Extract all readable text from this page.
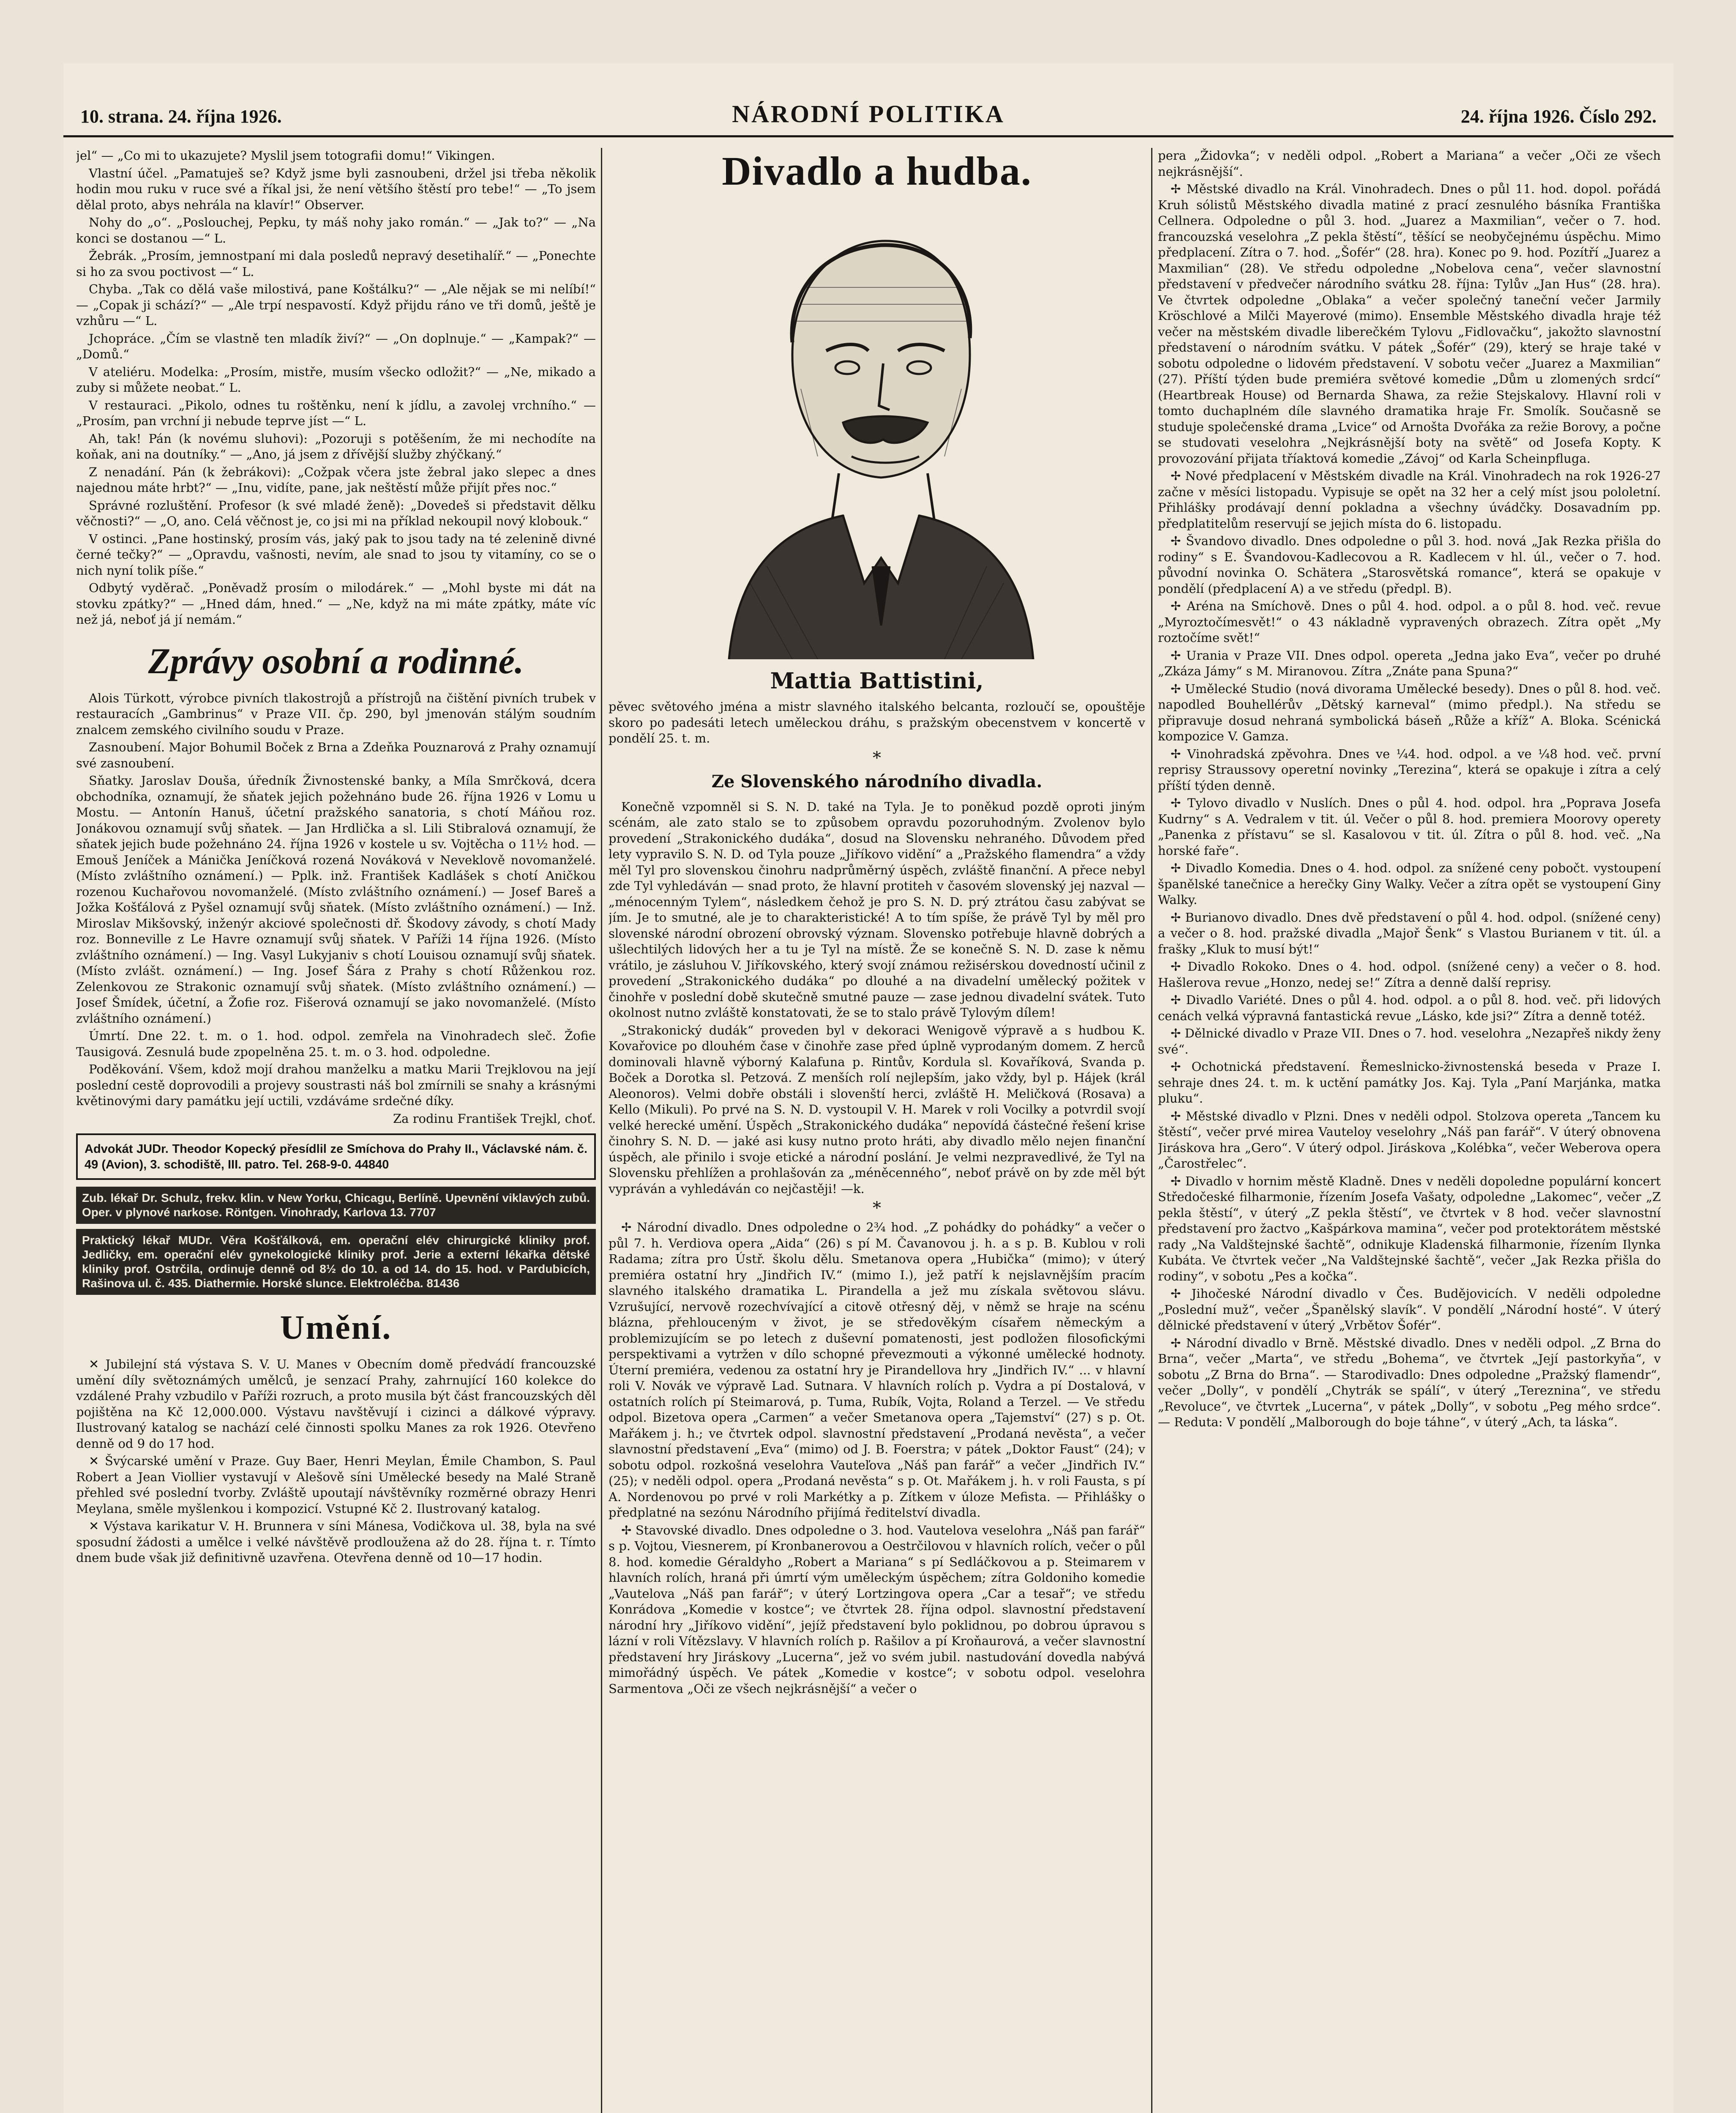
10. strana. 24. října 1926.	NÁRODNÍ POLITIKA	24. října 1926. Číslo 292.

jel“ — „Co mi to ukazujete? Myslil jsem totografii domu!“ Vikingen.

Vlastní účel. „Pamatuješ se? Když jsme byli zasnoubeni, držel jsi třeba několik hodin mou ruku v ruce své a říkal jsi, že není většího štěstí pro tebe!“ — „To jsem dělal proto, abys nehrála na klavír!“ Observer.

Nohy do „o“. „Poslouchej, Pepku, ty máš nohy jako román.“ — „Jak to?“ — „Na konci se dostanou —“ L.

Žebrák. „Prosím, jemnostpaní mi dala posledů nepravý desetihalíř.“ — „Ponechte si ho za svou poctivost —“ L.

Chyba. „Tak co dělá vaše milostivá, pane Koštálku?“ — „Ale nějak se mi nelíbí!“ — „Copak ji schází?“ — „Ale trpí nespavostí. Když přijdu ráno ve tři domů, ještě je vzhůru —“ L.

Jchopráce. „Čím se vlastně ten mladík živí?“ — „On doplnuje.“ — „Kampak?“ — „Domů.“

V ateliéru. Modelka: „Prosím, mistře, musím všecko odložit?“ — „Ne, mikado a zuby si můžete neobat.“ L.

V restauraci. „Pikolo, odnes tu roštěnku, není k jídlu, a zavolej vrchního.“ — „Prosím, pan vrchní ji nebude teprve jíst —“ L.

Ah, tak! Pán (k novému sluhovi): „Pozoruji s potěšením, že mi nechodíte na koňak, ani na doutníky.“ — „Ano, já jsem z dřívější služby zhýčkaný.“

Z nenadání. Pán (k žebrákovi): „Cožpak včera jste žebral jako slepec a dnes najednou máte hrbt?“ — „Inu, vidíte, pane, jak neštěstí může přijít přes noc.“

Správné rozluštění. Profesor (k své mladé ženě): „Dovedeš si představit dělku věčnosti?“ — „O, ano. Celá věčnost je, co jsi mi na příklad nekoupil nový klobouk.“

V ostinci. „Pane hostinský, prosím vás, jaký pak to jsou tady na té zelenině divné černé tečky?“ — „Opravdu, vašnosti, nevím, ale snad to jsou ty vitamíny, co se o nich nyní tolik píše.“

Odbytý vyděrač. „Poněvadž prosím o milodárek.“ — „Mohl byste mi dát na stovku zpátky?“ — „Hned dám, hned.“ — „Ne, když na mi máte zpátky, máte víc než já, neboť já jí nemám.“

Zprávy osobní a rodinné.

Alois Türkott, výrobce pivních tlakostrojů a přístrojů na čištění pivních trubek v restauracích „Gambrinus“ v Praze VII. čp. 290, byl jmenován stálým soudním znalcem zemského civilního soudu v Praze.

Zasnoubení. Major Bohumil Boček z Brna a Zdeňka Pouznarová z Prahy oznamují své zasnoubení.

Sňatky. Jaroslav Douša, úředník Živnostenské banky, a Míla Smrčková, dcera obchodníka, oznamují, že sňatek jejich požehnáno bude 26. října 1926 v Lomu u Mostu. — Antonín Hanuš, účetní pražského sanatoria, s chotí Máňou roz. Jonákovou oznamují svůj sňatek. — Jan Hrdlička a sl. Lili Stibralová oznamují, že sňatek jejich bude požehnáno 24. října 1926 v kostele u sv. Vojtěcha o 11½ hod. — Emouš Jeníček a Mánička Jeníčková rozená Nováková v Neveklově novomanželé. (Místo zvláštního oznámení.) — Pplk. inž. František Kadlášek s chotí Aničkou rozenou Kuchařovou novomanželé. (Místo zvláštního oznámení.) — Josef Bareš a Jožka Košťálová z Pyšel oznamují svůj sňatek. (Místo zvláštního oznámení.) — Inž. Miroslav Mikšovský, inženýr akciové společnosti dř. Škodovy závody, s chotí Mady roz. Bonneville z Le Havre oznamují svůj sňatek. V Paříži 14 října 1926. (Místo zvláštního oznámení.) — Ing. Vasyl Lukyjaniv s chotí Louisou oznamují svůj sňatek. (Místo zvlášt. oznámení.) — Ing. Josef Šára z Prahy s chotí Růženkou roz. Zelenkovou ze Strakonic oznamují svůj sňatek. (Místo zvláštního oznámení.) — Josef Šmídek, účetní, a Žofie roz. Fišerová oznamují se jako novomanželé. (Místo zvláštního oznámení.)

Úmrtí. Dne 22. t. m. o 1. hod. odpol. zemřela na Vinohradech sleč. Žofie Tausigová. Zesnulá bude zpopelněna 25. t. m. o 3. hod. odpoledne.

Poděkování. Všem, kdož mojí drahou manželku a matku Marii Trejklovou na její poslední cestě doprovodili a projevy soustrasti náš bol zmírnili se snahy a krásnými květinovými dary památku její uctili, vzdáváme srdečné díky.

Za rodinu František Trejkl, choť.

Advokát JUDr. Theodor Kopecký přesídlil ze Smíchova do Prahy II., Václavské nám. č. 49 (Avion), 3. schodiště, III. patro. Tel. 268-9-0. 44840
Zub. lékař Dr. Schulz, frekv. klin. v New Yorku, Chicagu, Berlíně. Upevnění viklavých zubů. Oper. v plynové narkose. Röntgen. Vinohrady, Karlova 13. 7707
Praktický lékař MUDr. Věra Košťálková, em. operační elév chirurgické kliniky prof. Jedličky, em. operační elév gynekologické kliniky prof. Jerie a externí lékařka dětské kliniky prof. Ostrčila, ordinuje denně od 8½ do 10. a od 14. do 15. hod. v Pardubicích, Rašinova ul. č. 435. Diathermie. Horské slunce. Elektroléčba. 81436
Umění.

✕ Jubilejní stá výstava S. V. U. Manes v Obecním domě předvádí francouzské umění díly světoznámých umělců, je senzací Prahy, zahrnující 160 kolekce do vzdálené Prahy vzbudilo v Paříži rozruch, a proto musila být část francouzských děl pojištěna na Kč 12,000.000. Výstavu navštěvují i cizinci a dálkové výpravy. Ilustrovaný katalog se nachází celé činnosti spolku Manes za rok 1926. Otevřeno denně od 9 do 17 hod.

✕ Švýcarské umění v Praze. Guy Baer, Henri Meylan, Émile Chambon, S. Paul Robert a Jean Viollier vystavují v Alešově síni Umělecké besedy na Malé Straně přehled své poslední tvorby. Zvláště upoutají návštěvníky rozměrné obrazy Henri Meylana, směle myšlenkou i kompozicí. Vstupné Kč 2. Ilustrovaný katalog.

✕ Výstava karikatur V. H. Brunnera v síni Mánesa, Vodičkova ul. 38, byla na své sposudní žádosti a umělce i velké návštěvě prodloužena až do 28. října t. r. Tímto dnem bude však již definitivně uzavřena. Otevřena denně od 10—17 hodin.

Divadlo a hudba.
Mattia Battistini,

pěvec světového jména a mistr slavného italského belcanta, rozloučí se, opouštěje skoro po padesáti letech uměleckou dráhu, s pražským obecenstvem v koncertě v pondělí 25. t. m.

*
Ze Slovenského národního divadla.

Konečně vzpomněl si S. N. D. také na Tyla. Je to poněkud pozdě oproti jiným scénám, ale zato stalo se to způsobem opravdu pozoruhodným. Zvolenov bylo provedení „Strakonického dudáka“, dosud na Slovensku nehraného. Důvodem před lety vypravilo S. N. D. od Tyla pouze „Jiříkovo vidění“ a „Pražského flamendra“ a vždy měl Tyl pro slovenskou činohru nadprůměrný úspěch, zvláště finanční. A přece nebyl zde Tyl vyhledáván — snad proto, že hlavní protiteh v časovém slovenský jej nazval — „ménocenným Tylem“, následkem čehož je pro S. N. D. prý ztrátou času zabývat se jím. Je to smutné, ale je to charakteristické! A to tím spíše, že právě Tyl by měl pro slovenské národní obrození obrovský význam. Slovensko potřebuje hlavně dobrých a ušlechtilých lidových her a tu je Tyl na místě. Že se konečně S. N. D. zase k němu vrátilo, je zásluhou V. Jiříkovského, který svojí známou režisérskou dovedností učinil z provedení „Strakonického dudáka“ po dlouhé a na divadelní umělecký požitek v činohře v poslední době skutečně smutné pauze — zase jednou divadelní svátek. Tuto okolnost nutno zvláště konstatovati, že se to stalo právě Tylovým dílem!

„Strakonický dudák“ proveden byl v dekoraci Wenigově výpravě a s hudbou K. Kovařovice po dlouhém čase v činohře zase před úplně vyprodaným domem. Z herců dominovali hlavně výborný Kalafuna p. Rintův, Kordula sl. Kovaříková, Svanda p. Boček a Dorotka sl. Petzová. Z menších rolí nejlepším, jako vždy, byl p. Hájek (král Aleonoros). Velmi dobře obstáli i slovenští herci, zvláště H. Meličková (Rosava) a Kello (Mikuli). Po prvé na S. N. D. vystoupil V. H. Marek v roli Vocilky a potvrdil svojí velké herecké umění. Úspěch „Strakonického dudáka“ nepovídá částečné řešení krise činohry S. N. D. — jaké asi kusy nutno proto hráti, aby divadlo mělo nejen finanční úspěch, ale přinilo i svoje etické a národní poslání. Je velmi nezpravedlivé, že Tyl na Slovensku přehlížen a prohlašován za „méněcenného“, neboť právě on by zde měl být vypráván a vyhledáván co nejčastěji! —k.

*

✢ Národní divadlo. Dnes odpoledne o 2¾ hod. „Z pohádky do pohádky“ a večer o půl 7. h. Verdiova opera „Aida“ (26) s pí M. Čavanovou j. h. a s p. B. Kublou v roli Radama; zítra pro Ústř. školu dělu. Smetanova opera „Hubička“ (mimo); v úterý premiéra ostatní hry „Jindřich IV.“ (mimo I.), jež patří k nejslavnějším pracím slavného italského dramatika L. Pirandella a jež mu získala světovou slávu. Vzrušující, nervově rozechvívající a citově otřesný děj, v němž se hraje na scénu blázna, přehlouceným v život, je se středověkým císařem německým a problemizujícím se po letech z duševní pomatenosti, jest podložen filosofickými perspektivami a vytržen v dílo schopné převezmouti a výkonné umělecké hodnoty. Úterní premiéra, vedenou za ostatní hry je Pirandellova hry „Jindřich IV.“ ... v hlavní roli V. Novák ve výpravě Lad. Sutnara. V hlavních rolích p. Vydra a pí Dostalová, v ostatních rolích pí Steimarová, p. Tuma, Rubík, Vojta, Roland a Terzel. — Ve středu odpol. Bizetova opera „Carmen“ a večer Smetanova opera „Tajemství“ (27) s p. Ot. Mařákem j. h.; ve čtvrtek odpol. slavnostní představení „Prodaná nevěsta“, a večer slavnostní představení „Eva“ (mimo) od J. B. Foerstra; v pátek „Doktor Faust“ (24); v sobotu odpol. rozkošná veselohra Vauteľova „Náš pan farář“ a večer „Jindřich IV.“ (25); v neděli odpol. opera „Prodaná nevěsta“ s p. Ot. Mařákem j. h. v roli Fausta, s pí A. Nordenovou po prvé v roli Markétky a p. Zítkem v úloze Mefista. — Přihlášky o předplatné na sezónu Národního přijímá ředitelství divadla.

✢ Stavovské divadlo. Dnes odpoledne o 3. hod. Vautelova veselohra „Náš pan farář“ s p. Vojtou, Viesnerem, pí Kronbanerovou a Oestrčilovou v hlavních rolích, večer o půl 8. hod. komedie Géraldyho „Robert a Mariana“ s pí Sedláčkovou a p. Steimarem v hlavních rolích, hraná při úmrtí vým uměleckým úspěchem; zítra Goldoniho komedie „Vautelova „Náš pan farář“; v úterý Lortzingova opera „Car a tesař“; ve středu Konrádova „Komedie v kostce“; ve čtvrtek 28. října odpol. slavnostní představení národní hry „Jiříkovo vidění“, jejíž představení bylo poklidnou, po dobrou úpravou s lázní v roli Vítězslavy. V hlavních rolích p. Rašilov a pí Kroňaurová, a večer slavnostní představení hry Jiráskovy „Lucerna“, jež vo svém jubil. nastudování dovedla nabývá mimořádný úspěch. Ve pátek „Komedie v kostce“; v sobotu odpol. veselohra Sarmentova „Oči ze všech nejkrásnější“ a večer o

pera „Židovka“; v neděli odpol. „Robert a Mariana“ a večer „Oči ze všech nejkrásnější“.

✢ Městské divadlo na Král. Vinohradech. Dnes o půl 11. hod. dopol. pořádá Kruh sólistů Městského divadla matiné z prací zesnulého básníka Františka Cellnera. Odpoledne o půl 3. hod. „Juarez a Maxmilian“, večer o 7. hod. francouzská veselohra „Z pekla štěstí“, těšící se neobyčejnému úspěchu. Mimo předplacení. Zítra o 7. hod. „Šofér“ (28. hra). Konec po 9. hod. Pozítří „Juarez a Maxmilian“ (28). Ve středu odpoledne „Nobelova cena“, večer slavnostní představení v předvečer národního svátku 28. října: Tylův „Jan Hus“ (28. hra). Ve čtvrtek odpoledne „Oblaka“ a večer společný taneční večer Jarmily Kröschlové a Milči Mayerové (mimo). Ensemble Městského divadla hraje též večer na městském divadle liberečkém Tylovu „Fidlovačku“, jakožto slavnostní představení o národním svátku. V pátek „Šofér“ (29), který se hraje také v sobotu odpoledne o lidovém představení. V sobotu večer „Juarez a Maxmilian“ (27). Příští týden bude premiéra světové komedie „Dům u zlomených srdcí“ (Heartbreak House) od Bernarda Shawa, za režie Stejskalovy. Hlavní roli v tomto duchaplném díle slavného dramatika hraje Fr. Smolík. Současně se studuje společenské drama „Lvice“ od Arnošta Dvořáka za režie Borovy, a počne se studovati veselohra „Nejkrásnější boty na světě“ od Josefa Kopty. K provozování přijata tříaktová komedie „Závoj“ od Karla Scheinpfluga.

✢ Nové předplacení v Městském divadle na Král. Vinohradech na rok 1926-27 začne v měsíci listopadu. Vypisuje se opět na 32 her a celý míst jsou pololetní. Přihlášky prodávají denní pokladna a všechny úvádčky. Dosavadním pp. předplatitelům reservují se jejich místa do 6. listopadu.

✢ Švandovo divadlo. Dnes odpoledne o půl 3. hod. nová „Jak Rezka přišla do rodiny“ s E. Švandovou-Kadlecovou a R. Kadlecem v hl. úl., večer o 7. hod. původní novinka O. Schätera „Starosvětská romance“, která se opakuje v pondělí (předplacení A) a ve středu (předpl. B).

✢ Aréna na Smíchově. Dnes o půl 4. hod. odpol. a o půl 8. hod. več. revue „Myroztočímesvět!“ o 43 nákladně vypravených obrazech. Zítra opět „My roztočíme svět!“

✢ Urania v Praze VII. Dnes odpol. opereta „Jedna jako Eva“, večer po druhé „Zkáza Jámy“ s M. Miranovou. Zítra „Znáte pana Spuna?“

✢ Umělecké Studio (nová divorama Umělecké besedy). Dnes o půl 8. hod. več. napodled Bouhellérův „Dětský karneval“ (mimo předpl.). Na středu se připravuje dosud nehraná symbolická báseň „Růže a kříž“ A. Bloka. Scénická kompozice V. Gamza.

✢ Vinohradská zpěvohra. Dnes ve ¼4. hod. odpol. a ve ¼8 hod. več. první reprisy Straussovy operetní novinky „Terezina“, která se opakuje i zítra a celý příští týden denně.

✢ Tylovo divadlo v Nuslích. Dnes o půl 4. hod. odpol. hra „Poprava Josefa Kudrny“ s A. Vedralem v tit. úl. Večer o půl 8. hod. premiera Moorovy operety „Panenka z přístavu“ se sl. Kasalovou v tit. úl. Zítra o půl 8. hod. več. „Na horské faře“.

✢ Divadlo Komedia. Dnes o 4. hod. odpol. za snížené ceny pobočt. vystoupení španělské tanečnice a herečky Giny Walky. Večer a zítra opět se vystoupení Giny Walky.

✢ Burianovo divadlo. Dnes dvě představení o půl 4. hod. odpol. (snížené ceny) a večer o 8. hod. pražské divadla „Majoř Šenk“ s Vlastou Burianem v tit. úl. a frašky „Kluk to musí být!“

✢ Divadlo Rokoko. Dnes o 4. hod. odpol. (snížené ceny) a večer o 8. hod. Hašlerova revue „Honzo, nedej se!“ Zítra a denně další reprisy.

✢ Divadlo Variété. Dnes o půl 4. hod. odpol. a o půl 8. hod. več. při lidových cenách velká výpravná fantastická revue „Lásko, kde jsi?“ Zítra a denně totéž.

✢ Dělnické divadlo v Praze VII. Dnes o 7. hod. veselohra „Nezapřeš nikdy ženy své“.

✢ Ochotnická představení. Řemeslnicko-živnostenská beseda v Praze I. sehraje dnes 24. t. m. k uctění památky Jos. Kaj. Tyla „Paní Marjánka, matka pluku“.

✢ Městské divadlo v Plzni. Dnes v neděli odpol. Stolzova opereta „Tancem ku štěstí“, večer prvé mirea Vauteloy veselohry „Náš pan farář“. V úterý obnovena Jiráskova hra „Gero“. V úterý odpol. Jiráskova „Kolébka“, večer Weberova opera „Čarostřelec“.

✢ Divadlo v hornim městě Kladně. Dnes v neděli dopoledne populární koncert Středočeské filharmonie, řízením Josefa Vašaty, odpoledne „Lakomec“, večer „Z pekla štěstí“, v úterý „Z pekla štěstí“, ve čtvrtek v 8 hod. večer slavnostní představení pro žactvo „Kašpárkova mamina“, večer pod protektorátem městské rady „Na Valdštejnské šachtě“, odnikuje Kladenská filharmonie, řízením Ilynka Kubáta. Ve čtvrtek večer „Na Valdštejnské šachtě“, večer „Jak Rezka přišla do rodiny“, v sobotu „Pes a kočka“.

✢ Jihočeské Národní divadlo v Čes. Budějovicích. V neděli odpoledne „Poslední muž“, večer „Španělský slavík“. V pondělí „Národní hosté“. V úterý dělnické představení v úterý „Vrbětov Šofér“.

✢ Národní divadlo v Brně. Městské divadlo. Dnes v neděli odpol. „Z Brna do Brna“, večer „Marta“, ve středu „Bohema“, ve čtvrtek „Její pastorkyňa“, v sobotu „Z Brna do Brna“. — Starodivadlo: Dnes odpoledne „Pražský flamendr“, večer „Dolly“, v pondělí „Chytrák se spálí“, v úterý „Tereznina“, ve středu „Revoluce“, ve čtvrtek „Lucerna“, v pátek „Dolly“, v sobotu „Peg mého srdce“. — Reduta: V pondělí „Malborough do boje táhne“, v úterý „Ach, ta láska“.
